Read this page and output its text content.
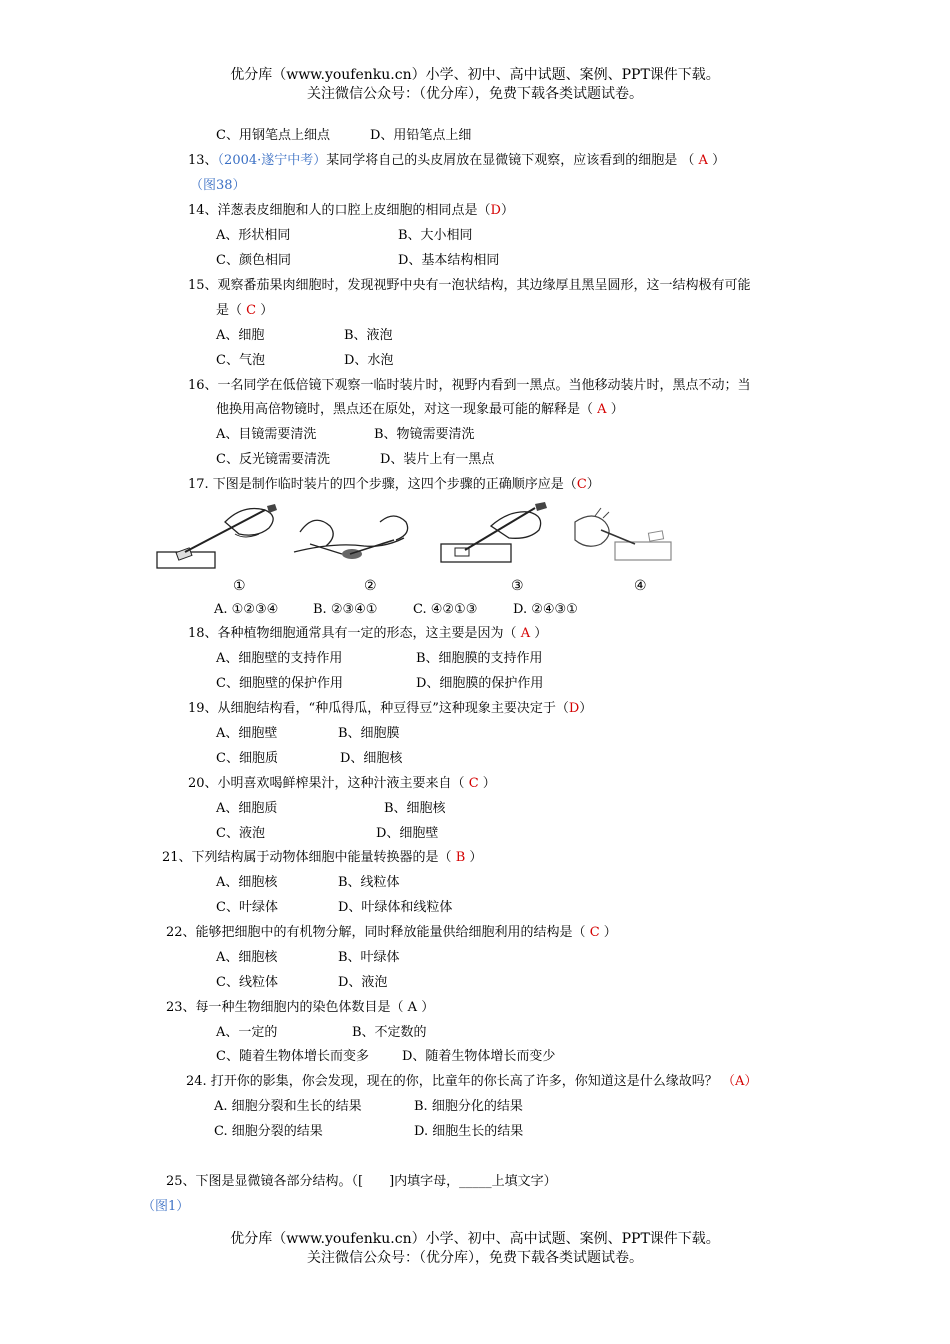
优分库（www.youfenku.cn）小学、初中、高中试题、案例、PPT课件下载。
关注微信公众号：（优分库），免费下载各类试题试卷。
C、用钢笔点上细点	D、用铅笔点上细
13、（2004·遂宁中考）某同学将自己的头皮屑放在显微镜下观察，应该看到的细胞是 （ A ）
（图38）
14、洋葱表皮细胞和人的口腔上皮细胞的相同点是（D）
A、形状相同	B、大小相同
C、颜色相同	D、基本结构相同
15、观察番茄果肉细胞时，发现视野中央有一泡状结构，其边缘厚且黑呈圆形，这一结构极有可能
是（ C ）
A、细胞	B、液泡
C、气泡	D、水泡
16、一名同学在低倍镜下观察一临时装片时，视野内看到一黑点。当他移动装片时，黑点不动；当
他换用高倍物镜时，黑点还在原处，对这一现象最可能的解释是（ A ）
A、目镜需要清洗	B、物镜需要清洗
C、反光镜需要清洗	D、装片上有一黑点
17. 下图是制作临时装片的四个步骤，这四个步骤的正确顺序应是（C）
①	②	③	④
A. ①②③④	B. ②③④①	C. ④②①③	D. ②④③①
18、各种植物细胞通常具有一定的形态，这主要是因为（ A ）
A、细胞壁的支持作用	B、细胞膜的支持作用
C、细胞壁的保护作用	D、细胞膜的保护作用
19、从细胞结构看，“种瓜得瓜，种豆得豆”这种现象主要决定于（D）
A、细胞壁	B、细胞膜
C、细胞质	D、细胞核
20、小明喜欢喝鲜榨果汁，这种汁液主要来自（ C ）
A、细胞质	B、细胞核
C、液泡	D、细胞壁
21、下列结构属于动物体细胞中能量转换器的是（ B ）
A、细胞核	B、线粒体
C、叶绿体	D、叶绿体和线粒体
22、能够把细胞中的有机物分解，同时释放能量供给细胞利用的结构是（ C ）
A、细胞核	B、叶绿体
C、线粒体	D、液泡
23、每一种生物细胞内的染色体数目是（ A ）
A、一定的	B、不定数的
C、随着生物体增长而变多	D、随着生物体增长而变少
24. 打开你的影集，你会发现，现在的你，比童年的你长高了许多，你知道这是什么缘故吗？ （A）
A. 细胞分裂和生长的结果	B. 细胞分化的结果
C. 细胞分裂的结果	D. 细胞生长的结果
25、下图是显微镜各部分结构。（[　　]内填字母，_____上填文字）
（图1）
优分库（www.youfenku.cn）小学、初中、高中试题、案例、PPT课件下载。
关注微信公众号：（优分库），免费下载各类试题试卷。
